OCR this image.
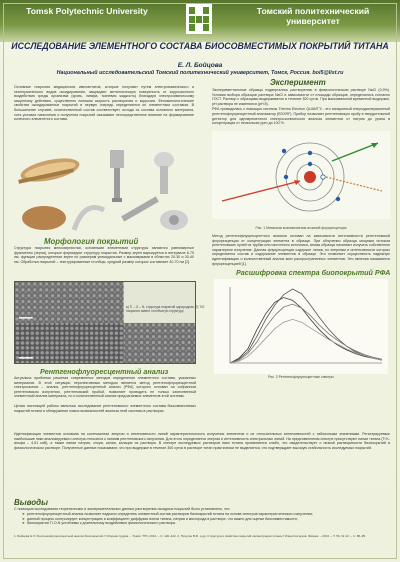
Tomsk Polytechnic University	Томский политехнический университет
ИССЛЕДОВАНИЕ ЭЛЕМЕНТНОГО СОСТАВА БИОСОВМЕСТИМЫХ ПОКРЫТИЙ ТИТАНА
Е. Л. Бойцова
Национальный исследовательский Томский политехнический университет, Томск, Россия. boi5@list.ru
Основные покрытия медицинских имплантатов, которые получают путем электрохимического и газотермического видов оксидирования, защищают металлическую поверхность от коррозионного воздействия среды организма (кровь, лимфа, тканевая жидкость) благодаря электрохимическому защитному действию, существенно понижая скорость растворения и коррозии. Феноменологические свойства оксидированных покрытий в первую очередь определяются их элементным составом. В большинстве случаев, количественный состав соответствует, исходя из состава основного материала, хотя условия напыления и получения покрытий оказывают непосредственное влияние на формирование конечного элементного состава.
Морфология покрытий
Структура покрытия мелкозернистая, основными элементами структуры являются равномерные фрагменты (зерна), которые формируют структуру покрытия. Размер зерен варьируется в интервале 6-75 нм, функции распределения зерен по размерам унимодальные с максимумами в областях 20-30 и 30-40 нм. Обработка покрытий – текстурированные столбцы, средний размер которых составляет 40-70 нм [2].
а) Ti – O – N, структура покрытий однородная, б) TiO покрытия имеют столбчатую структуру.
Рентгенофлуоресцентный анализ
Актуальна проблема решения современных методов определения элементного состава, указанных материалов. В этой ситуации перспективным методом является метод рентгенофлуоресцентной спектроскопии – анализ, рентгенофлуоресцентный анализ (РФА) которого основан на собранном рентгеновском излучении, рентгеновский пробой, позволяет проводить не только качественный элементный анализ материала, но и количественный анализ предлагаемых элементов этой системы.
Целью настоящей работы являлось исследование рентгеновского элементного состава биосовместимых покрытий титана и обнаружение новых возможностей анализа этой системы в растворах.
Эксперимент
Экспериментальные образцы подвергались растворению в физиологическом растворе NaCl (0,9%). Условия выбора образцов раствора NaCl в зависимости от площади образцов, определялись согласно ГОСТ. Раствор с образцами выдерживался в течение 300 суток. При максимальной временной выдержке, pH раствора не изменялся (pH 8).
РФА проводилась с помощью системы Thermo Electron QUANT'X - это аппаратный энергодисперсионный рентгенофлуоресцентный анализатор (EDXRF). Прибор позволяет рентгеновскую пробу в твердотельный детектор для одновременного спектроскопического анализа элементов от натрия до урана в концентрации от нескольких ppm до 100 %.
Рис. 1 Механизм возникновения атомной флуоресценции
Метод рентгенофлуоресцентного анализа основан на зависимости интенсивности рентгеновской флуоресценции от концентрации элемента в образце. При облучении образца мощным потоком рентгеновских лучей из трубки или изотопного источника, атомы образца начинают излучать собственное характерное излучение. Данная флуоресценция содержит линии, по энергиям и интенсивности которых определяется состав и содержание элементов в образце. Это позволяет осуществлять надежную идентификацию и количественный анализ всех распространенных элементов. Эти явления называются флуоресценцией [1].
Расшифровка спектра биопокрытий РФА
Рис. 2 Рентгенофлуоресцентные спектры
Идентификация элементов основана на соотношении энергии и интенсивности линий характеристического излучения элементов и их относительных интенсивностей с табличными значениями. Регистрируемые наибольшие пики анализируемого спектра относятся к линиям рентгеновского излучения. Для этого определяется энергия и интенсивность спектральных линий. На представленном спектре присутствуют линии титана (Ti K-альфа – 4,51 кэВ), а также линии натрия, хлора, калия, кальция из раствора. В спектре исследуемых растворов пики титана проявляются слабо, что свидетельствует о низкой растворимости биопокрытий в физиологическом растворе. Полученные данные показывают, что при выдержке в течение 300 суток в растворе титан практически не выделяется, что подтверждает высокую стабильность исследуемых покрытий.
Выводы
С помощью исследования теоретических и экспериментальных данных растворения оксидных покрытий было установлено, что:
➤ рентгенофлуоресцентный анализ позволяет надежно определять элементный состав растворов биопокрытий титана на основе спектров характеристического излучения;
➤ данный процесс контролирует концентрацию и коэффициент диффузии ионов титана, натрия и кислорода в растворе, что важно для оценки биосовместимости;
➤ биопокрытия Ti-O-N устойчивы к длительному воздействию физиологического раствора.
1. Бойцова Е.Л. Рентгенофлуоресцентный анализ биопокрытий // Сборник трудов. – Томск: ТПУ, 2014. – С. 120–122. 2. Пичугин В.Ф. и др. Структура и свойства покрытий оксинитридов титана // Известия вузов. Физика. – 2013. – Т. 56, № 12. – С. 88–95.
